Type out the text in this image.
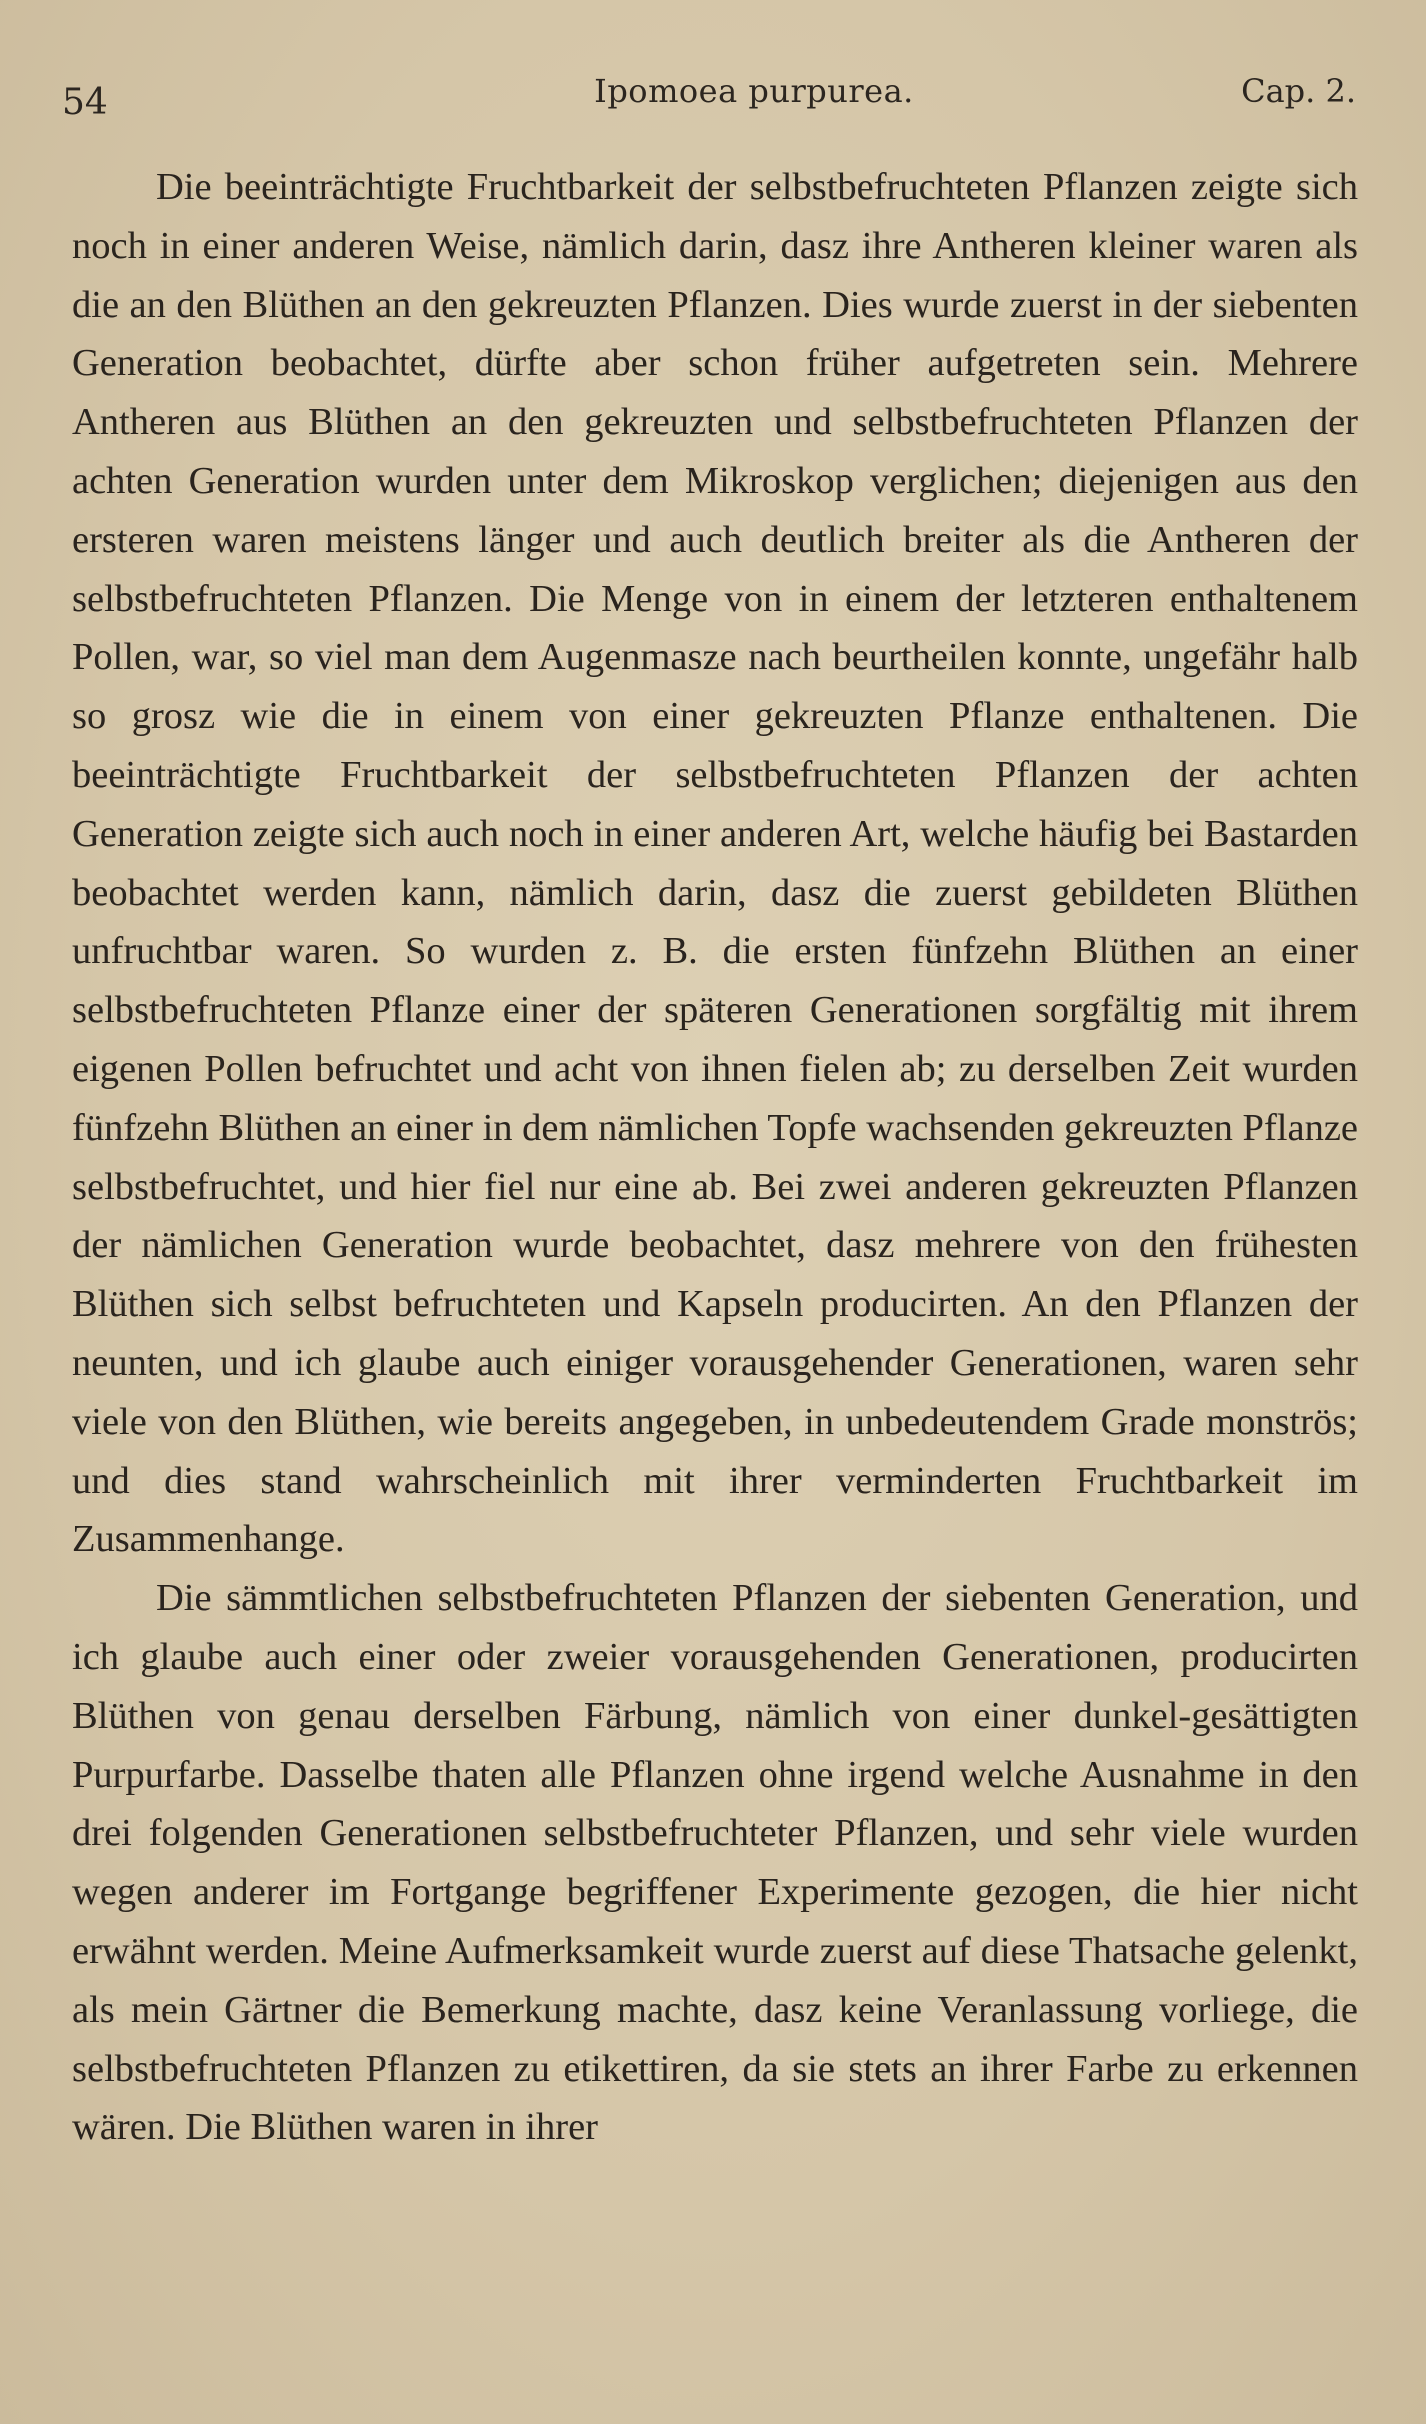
54	Ipomoea purpurea.	Cap. 2.

Die beeinträchtigte Fruchtbarkeit der selbstbefruchteten Pflanzen zeigte sich noch in einer anderen Weise, nämlich darin, dasz ihre Antheren kleiner waren als die an den Blüthen an den gekreuzten Pflanzen. Dies wurde zuerst in der siebenten Generation beobachtet, dürfte aber schon früher aufgetreten sein. Mehrere Antheren aus Blüthen an den gekreuzten und selbstbefruchteten Pflanzen der achten Generation wurden unter dem Mikroskop verglichen; diejenigen aus den ersteren waren meistens länger und auch deutlich breiter als die Antheren der selbstbefruchteten Pflanzen. Die Menge von in einem der letzteren enthaltenem Pollen, war, so viel man dem Augenmasze nach beurtheilen konnte, ungefähr halb so grosz wie die in einem von einer gekreuzten Pflanze enthaltenen. Die beeinträchtigte Fruchtbarkeit der selbstbefruchteten Pflanzen der achten Generation zeigte sich auch noch in einer anderen Art, welche häufig bei Bastarden beobachtet werden kann, nämlich darin, dasz die zuerst gebildeten Blüthen unfruchtbar waren. So wurden z. B. die ersten fünfzehn Blüthen an einer selbstbefruchteten Pflanze einer der späteren Generationen sorgfältig mit ihrem eigenen Pollen befruchtet und acht von ihnen fielen ab; zu derselben Zeit wurden fünfzehn Blüthen an einer in dem nämlichen Topfe wachsenden gekreuzten Pflanze selbstbefruchtet, und hier fiel nur eine ab. Bei zwei anderen gekreuzten Pflanzen der nämlichen Generation wurde beobachtet, dasz mehrere von den frühesten Blüthen sich selbst befruchteten und Kapseln producirten. An den Pflanzen der neunten, und ich glaube auch einiger vorausgehender Generationen, waren sehr viele von den Blüthen, wie bereits angegeben, in unbedeutendem Grade monströs; und dies stand wahrscheinlich mit ihrer verminderten Fruchtbarkeit im Zusammenhange.

Die sämmtlichen selbstbefruchteten Pflanzen der siebenten Generation, und ich glaube auch einer oder zweier vorausgehenden Generationen, producirten Blüthen von genau derselben Färbung, nämlich von einer dunkel-gesättigten Purpurfarbe. Dasselbe thaten alle Pflanzen ohne irgend welche Ausnahme in den drei folgenden Generationen selbstbefruchteter Pflanzen, und sehr viele wurden wegen anderer im Fortgange begriffener Experimente gezogen, die hier nicht erwähnt werden. Meine Aufmerksamkeit wurde zuerst auf diese Thatsache gelenkt, als mein Gärtner die Bemerkung machte, dasz keine Veranlassung vorliege, die selbstbefruchteten Pflanzen zu etikettiren, da sie stets an ihrer Farbe zu erkennen wären. Die Blüthen waren in ihrer
